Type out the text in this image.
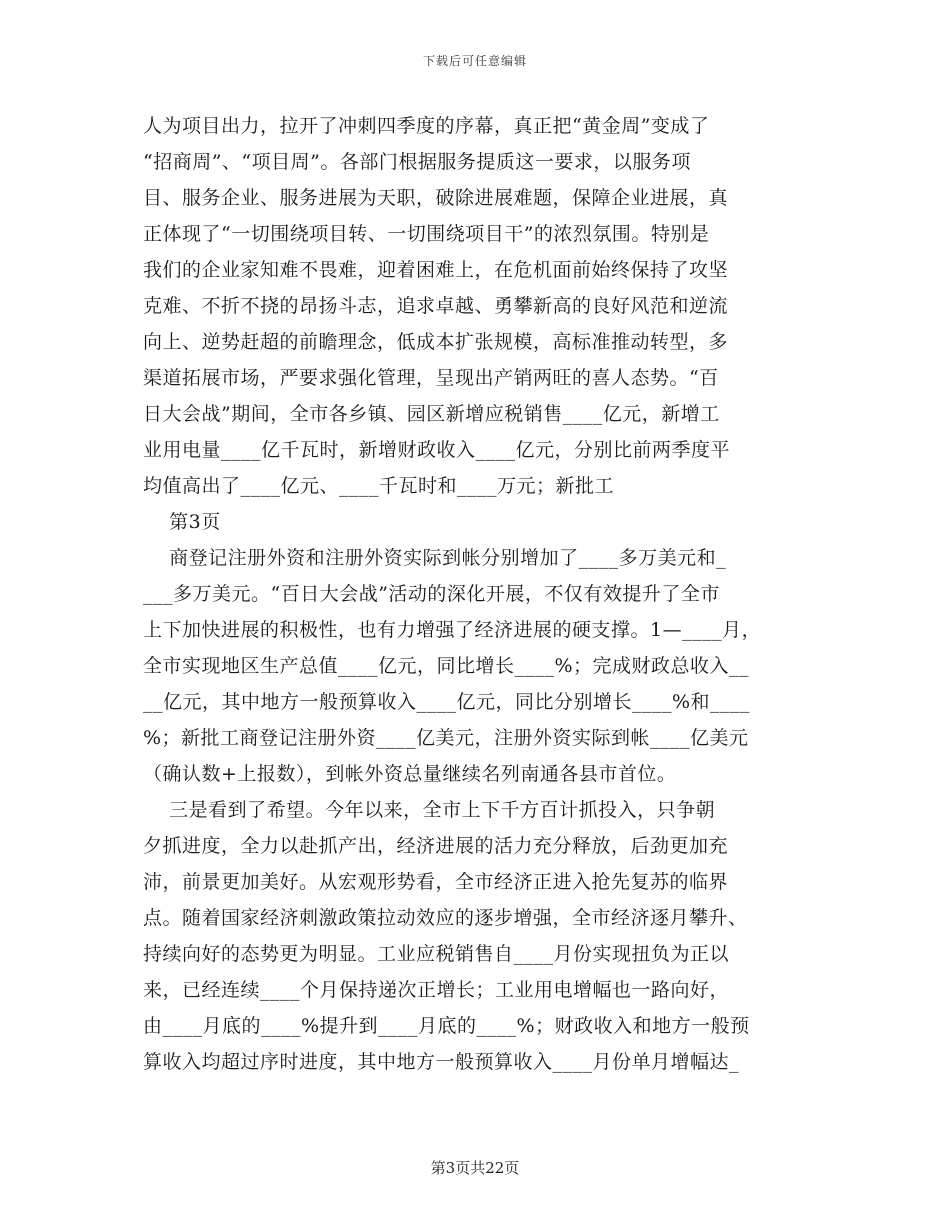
下载后可任意编辑
人为项目出力，拉开了冲刺四季度的序幕，真正把“黄金周”变成了
“招商周”、“项目周”。各部门根据服务提质这一要求，以服务项
目、服务企业、服务进展为天职，破除进展难题，保障企业进展，真
正体现了“一切围绕项目转、一切围绕项目干”的浓烈氛围。特别是
我们的企业家知难不畏难，迎着困难上，在危机面前始终保持了攻坚
克难、不折不挠的昂扬斗志，追求卓越、勇攀新高的良好风范和逆流
向上、逆势赶超的前瞻理念，低成本扩张规模，高标准推动转型，多
渠道拓展市场，严要求强化管理，呈现出产销两旺的喜人态势。“百
日大会战”期间，全市各乡镇、园区新增应税销售____亿元，新增工
业用电量____亿千瓦时，新增财政收入____亿元，分别比前两季度平
均值高出了____亿元、____千瓦时和____万元；新批工
第3页
商登记注册外资和注册外资实际到帐分别增加了____多万美元和_
___多万美元。“百日大会战”活动的深化开展，不仅有效提升了全市
上下加快进展的积极性，也有力增强了经济进展的硬支撑。1—____月，
全市实现地区生产总值____亿元，同比增长____%；完成财政总收入__
__亿元，其中地方一般预算收入____亿元，同比分别增长____%和____
%；新批工商登记注册外资____亿美元，注册外资实际到帐____亿美元
（确认数+上报数），到帐外资总量继续名列南通各县市首位。
三是看到了希望。今年以来，全市上下千方百计抓投入，只争朝
夕抓进度，全力以赴抓产出，经济进展的活力充分释放，后劲更加充
沛，前景更加美好。从宏观形势看，全市经济正进入抢先复苏的临界
点。随着国家经济刺激政策拉动效应的逐步增强，全市经济逐月攀升、
持续向好的态势更为明显。工业应税销售自____月份实现扭负为正以
来，已经连续____个月保持递次正增长；工业用电增幅也一路向好，
由____月底的____%提升到____月底的____%；财政收入和地方一般预
算收入均超过序时进度，其中地方一般预算收入____月份单月增幅达_
第3页共22页
